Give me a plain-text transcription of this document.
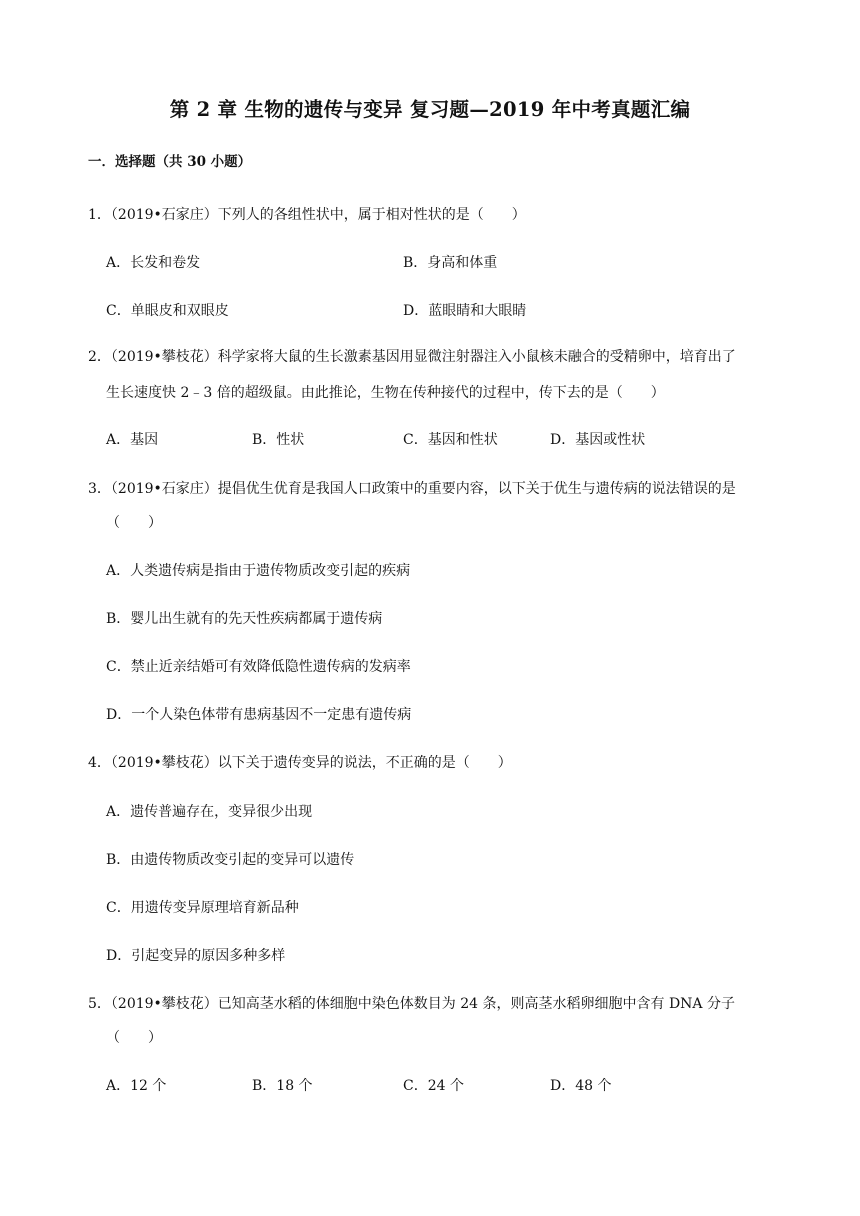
第 2 章 生物的遗传与变异 复习题—2019 年中考真题汇编
一．选择题（共 30 小题）
1．（2019•石家庄）下列人的各组性状中，属于相对性状的是（　　）
A．长发和卷发	B．身高和体重
C．单眼皮和双眼皮	D．蓝眼睛和大眼睛
2．（2019•攀枝花）科学家将大鼠的生长激素基因用显微注射器注入小鼠核未融合的受精卵中，培育出了
生长速度快 2﹣3 倍的超级鼠。由此推论，生物在传种接代的过程中，传下去的是（　　）
A．基因	B．性状	C．基因和性状	D．基因或性状
3．（2019•石家庄）提倡优生优育是我国人口政策中的重要内容，以下关于优生与遗传病的说法错误的是
（　　）
A．人类遗传病是指由于遗传物质改变引起的疾病
B．婴儿出生就有的先天性疾病都属于遗传病
C．禁止近亲结婚可有效降低隐性遗传病的发病率
D．一个人染色体带有患病基因不一定患有遗传病
4．（2019•攀枝花）以下关于遗传变异的说法，不正确的是（　　）
A．遗传普遍存在，变异很少出现
B．由遗传物质改变引起的变异可以遗传
C．用遗传变异原理培育新品种
D．引起变异的原因多种多样
5．（2019•攀枝花）已知高茎水稻的体细胞中染色体数目为 24 条，则高茎水稻卵细胞中含有 DNA 分子
（　　）
A．12 个	B．18 个	C．24 个	D．48 个
